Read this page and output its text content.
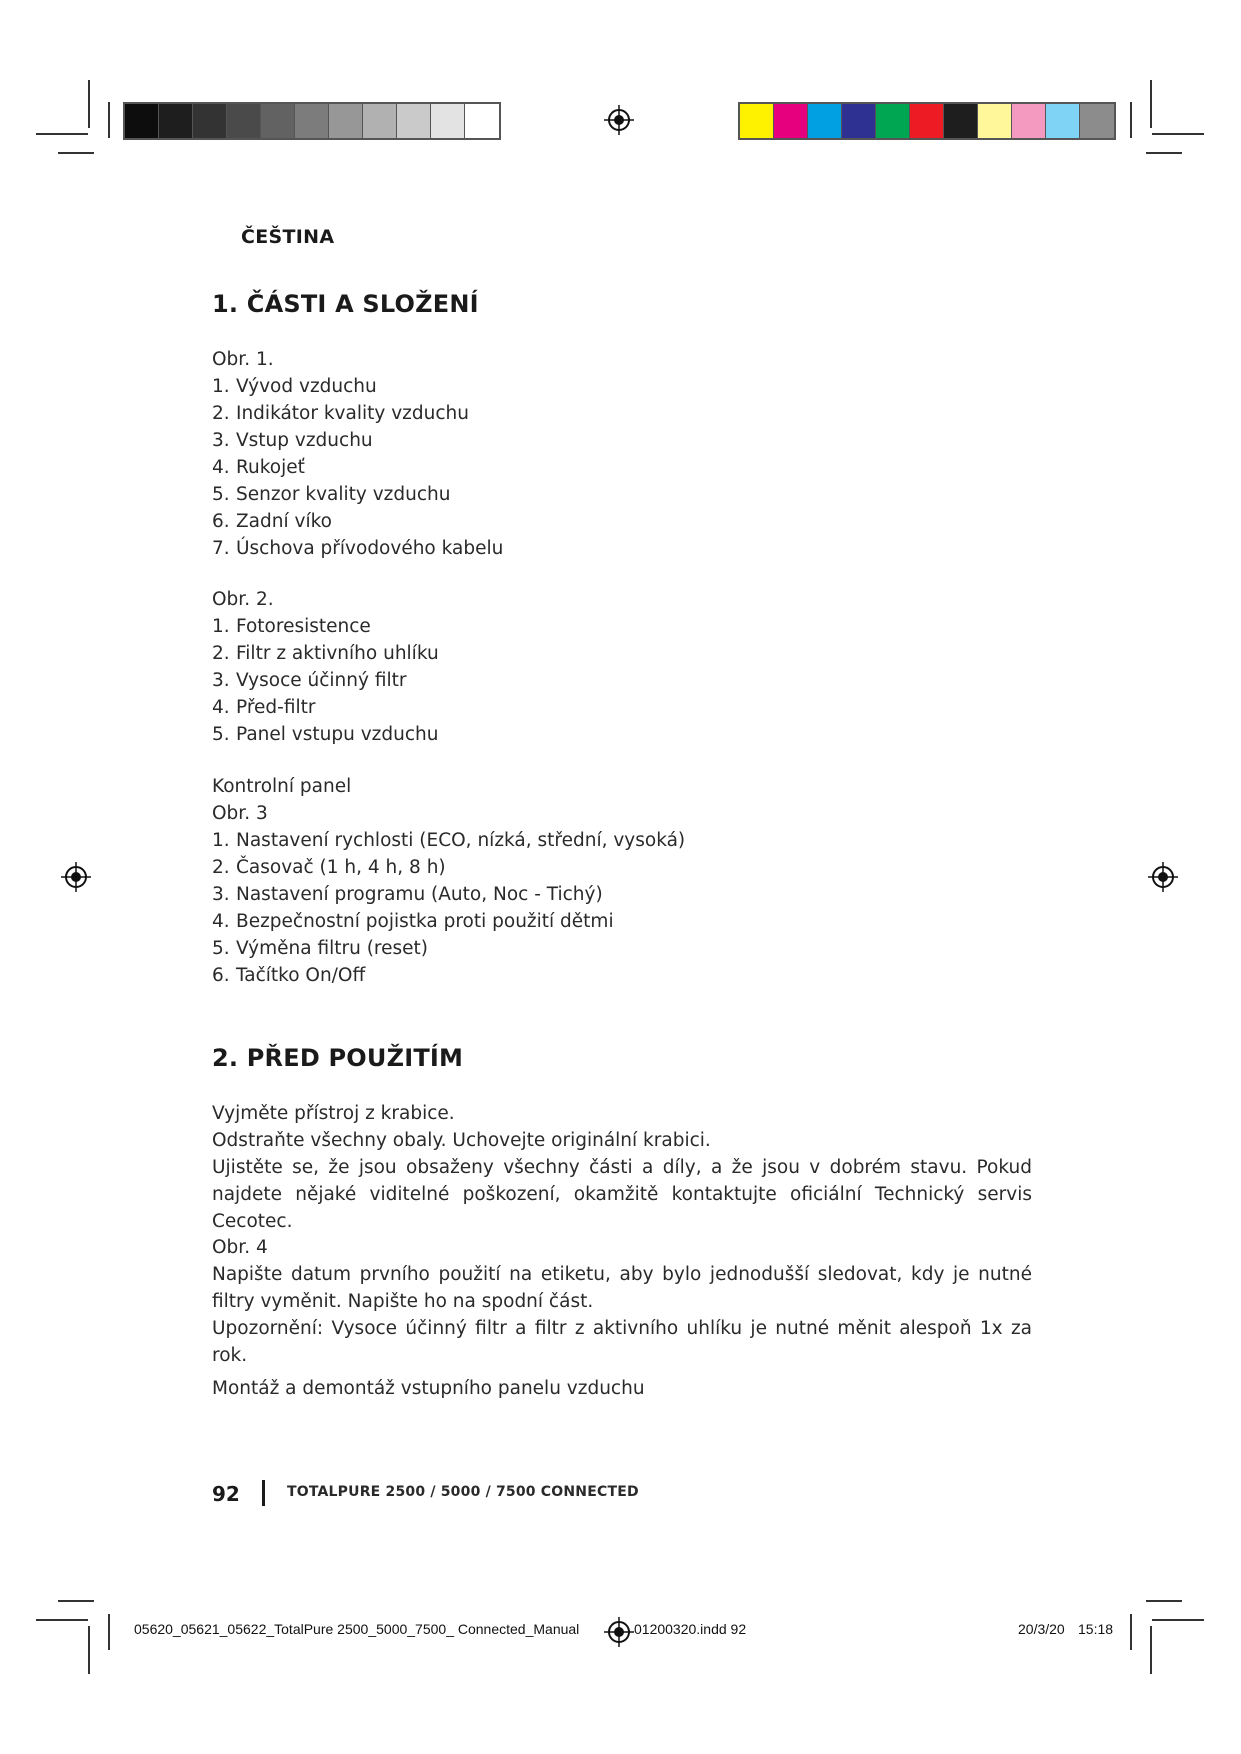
ČEŠTINA
1. ČÁSTI A SLOŽENÍ
Obr. 1.
1. Vývod vzduchu
2. Indikátor kvality vzduchu
3. Vstup vzduchu
4. Rukojeť
5. Senzor kvality vzduchu
6. Zadní víko
7. Úschova přívodového kabelu
Obr. 2.
1. Fotoresistence
2. Filtr z aktivního uhlíku
3. Vysoce účinný filtr
4. Před-filtr
5. Panel vstupu vzduchu
Kontrolní panel
Obr. 3
1. Nastavení rychlosti (ECO, nízká, střední, vysoká)
2. Časovač (1 h, 4 h, 8 h)
3. Nastavení programu (Auto, Noc - Tichý)
4. Bezpečnostní pojistka proti použití dětmi
5. Výměna filtru (reset)
6. Tačítko On/Off
2. PŘED POUŽITÍM

Vyjměte přístroj z krabice.

Odstraňte všechny obaly. Uchovejte originální krabici.

Ujistěte se, že jsou obsaženy všechny části a díly, a že jsou v dobrém stavu. Pokud najdete nějaké viditelné poškození, okamžitě kontaktujte oficiální Technický servis Cecotec.

Obr. 4

Napište datum prvního použití na etiketu, aby bylo jednodušší sledovat, kdy je nutné filtry vyměnit. Napište ho na spodní část.

Upozornění: Vysoce účinný filtr a filtr z aktivního uhlíku je nutné měnit alespoň 1x za rok.

Montáž a demontáž vstupního panelu vzduchu
92	TOTALPURE 2500 / 5000 / 7500 CONNECTED
05620_05621_05622_TotalPure 2500_5000_7500_ Connected_Manual	01200320.indd 92	20/3/20 15:18
